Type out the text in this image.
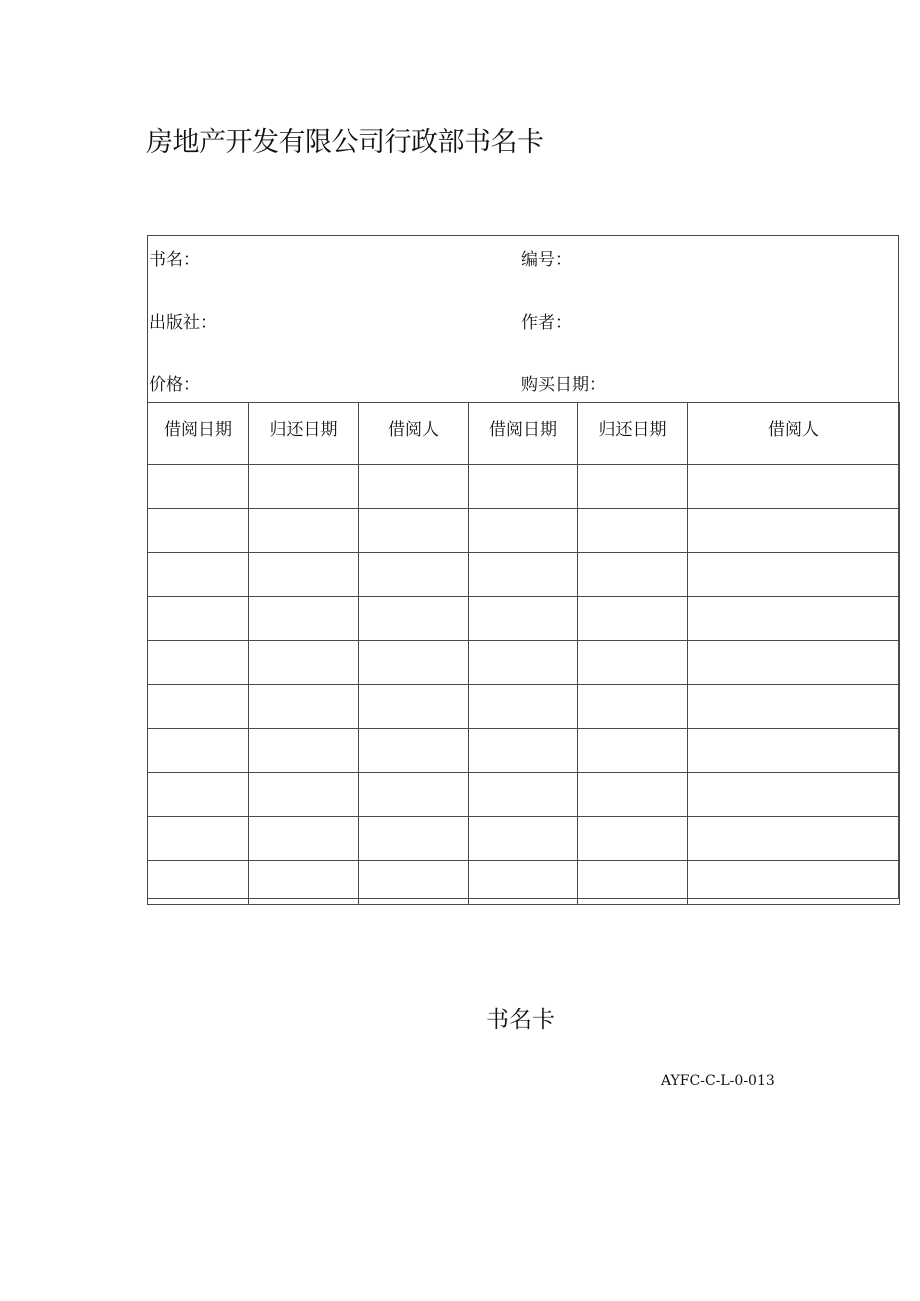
房地产开发有限公司行政部书名卡
书名：	编号：
出版社：	作者：
价格：	购买日期：
借阅日期	归还日期	借阅人	借阅日期	归还日期	借阅人

书名卡
AYFC-C-L-0-013
